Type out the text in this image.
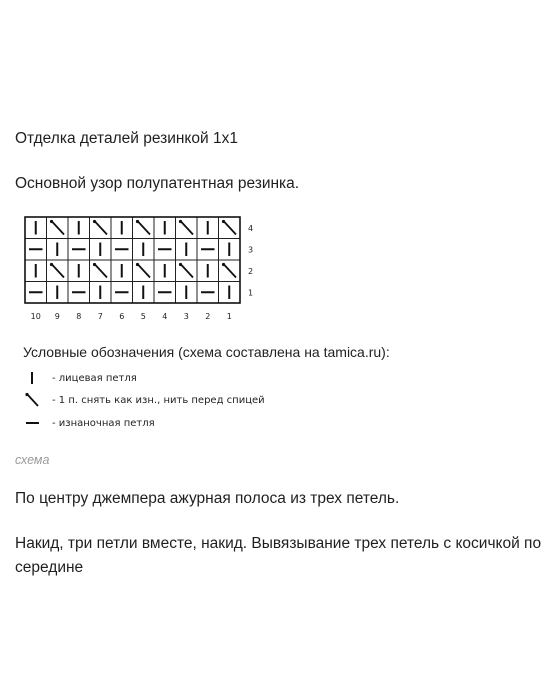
Отделка деталей резинкой 1х1

Основной узор полупатентная резинка.

4
3
2
1
10 9 8 7 6 5 4 3 2 1

Условные обозначения (схема составлена на tamica.ru):

- лицевая петля
- 1 п. снять как изн., нить перед спицей
- изнаночная петля

схема

По центру джемпера ажурная полоса из трех петель.

Накид, три петли вместе, накид. Вывязывание трех петель с косичкой по середине
